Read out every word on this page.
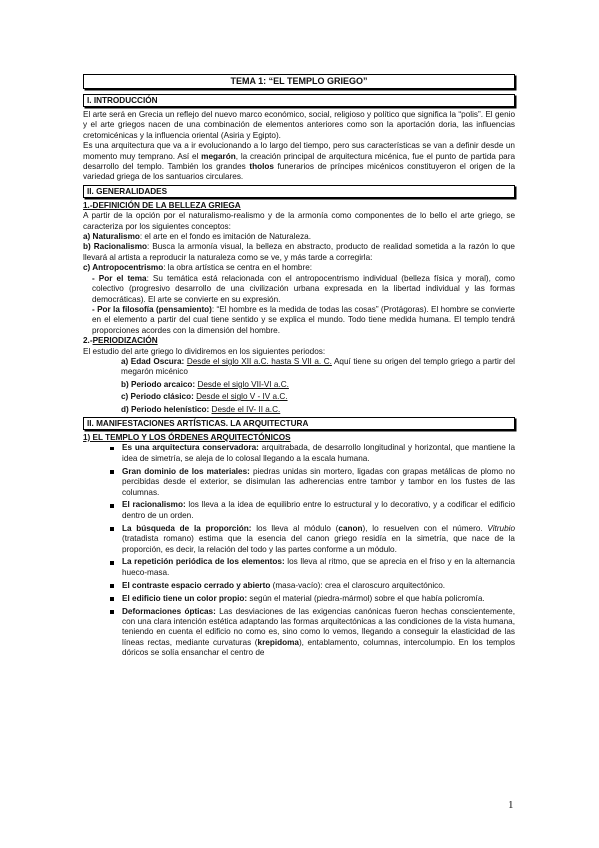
TEMA 1: “EL TEMPLO GRIEGO”
I. INTRODUCCIÓN

El arte será en Grecia un reflejo del nuevo marco económico, social, religioso y político que significa la “polis”. El genio y el arte griegos nacen de una combinación de elementos anteriores como son la aportación doria, las influencias cretomicénicas y la influencia oriental (Asiria y Egipto).

Es una arquitectura que va a ir evolucionando a lo largo del tiempo, pero sus características se van a definir desde un momento muy temprano. Así el megarón, la creación principal de arquitectura micénica, fue el punto de partida para desarrollo del templo. También los grandes tholos funerarios de príncipes micénicos constituyeron el origen de la variedad griega de los santuarios circulares.

II. GENERALIDADES
1.-DEFINICIÓN DE LA BELLEZA GRIEGA

A partir de la opción por el naturalismo-realismo y de la armonía como componentes de lo bello el arte griego, se caracteriza por los siguientes conceptos:

a) Naturalismo: el arte en el fondo es imitación de Naturaleza.

b) Racionalismo: Busca la armonía visual, la belleza en abstracto, producto de realidad sometida a la razón lo que llevará al artista a reproducir la naturaleza como se ve, y más tarde a corregirla:

c) Antropocentrismo: la obra artística se centra en el hombre:

- Por el tema: Su temática está relacionada con el antropocentrismo individual (belleza física y moral), como colectivo (progresivo desarrollo de una civilización urbana expresada en la libertad individual y las formas democráticas). El arte se convierte en su expresión.

- Por la filosofía (pensamiento): “El hombre es la medida de todas las cosas” (Protágoras). El hombre se convierte en el elemento a partir del cual tiene sentido y se explica el mundo. Todo tiene medida humana. El templo tendrá proporciones acordes con la dimensión del hombre.

2.-PERIODIZACIÓN

El estudio del arte griego lo dividiremos en los siguientes periodos:

a) Edad Oscura: Desde el siglo XII a.C. hasta S VII a. C. Aquí tiene su origen del templo griego a partir del megarón micénico

b) Periodo arcaico: Desde el siglo VII-VI a.C.

c) Periodo clásico: Desde el siglo V - IV a.C.

d) Periodo helenístico: Desde el IV- II a.C.

II. MANIFESTACIONES ARTÍSTICAS. LA ARQUITECTURA
1) EL TEMPLO Y LOS ÓRDENES ARQUITECTÓNICOS
Es una arquitectura conservadora: arquitrabada, de desarrollo longitudinal y horizontal, que mantiene la idea de simetría, se aleja de lo colosal llegando a la escala humana.
Gran dominio de los materiales: piedras unidas sin mortero, ligadas con grapas metálicas de plomo no percibidas desde el exterior, se disimulan las adherencias entre tambor y tambor en los fustes de las columnas.
El racionalismo: los lleva a la idea de equilibrio entre lo estructural y lo decorativo, y a codificar el edificio dentro de un orden.
La búsqueda de la proporción: los lleva al módulo (canon), lo resuelven con el número. Vitrubio (tratadista romano) estima que la esencia del canon griego residía en la simetría, que nace de la proporción, es decir, la relación del todo y las partes conforme a un módulo.
La repetición periódica de los elementos: los lleva al ritmo, que se aprecia en el friso y en la alternancia hueco-masa.
El contraste espacio cerrado y abierto (masa-vacío): crea el claroscuro arquitectónico.
El edificio tiene un color propio: según el material (piedra-mármol) sobre el que había policromía.
Deformaciones ópticas: Las desviaciones de las exigencias canónicas fueron hechas conscientemente, con una clara intención estética adaptando las formas arquitectónicas a las condiciones de la vista humana, teniendo en cuenta el edificio no como es, sino como lo vemos, llegando a conseguir la elasticidad de las líneas rectas, mediante curvaturas (krepidoma), entablamento, columnas, intercolumpio. En los templos dóricos se solía ensanchar el centro de
1
